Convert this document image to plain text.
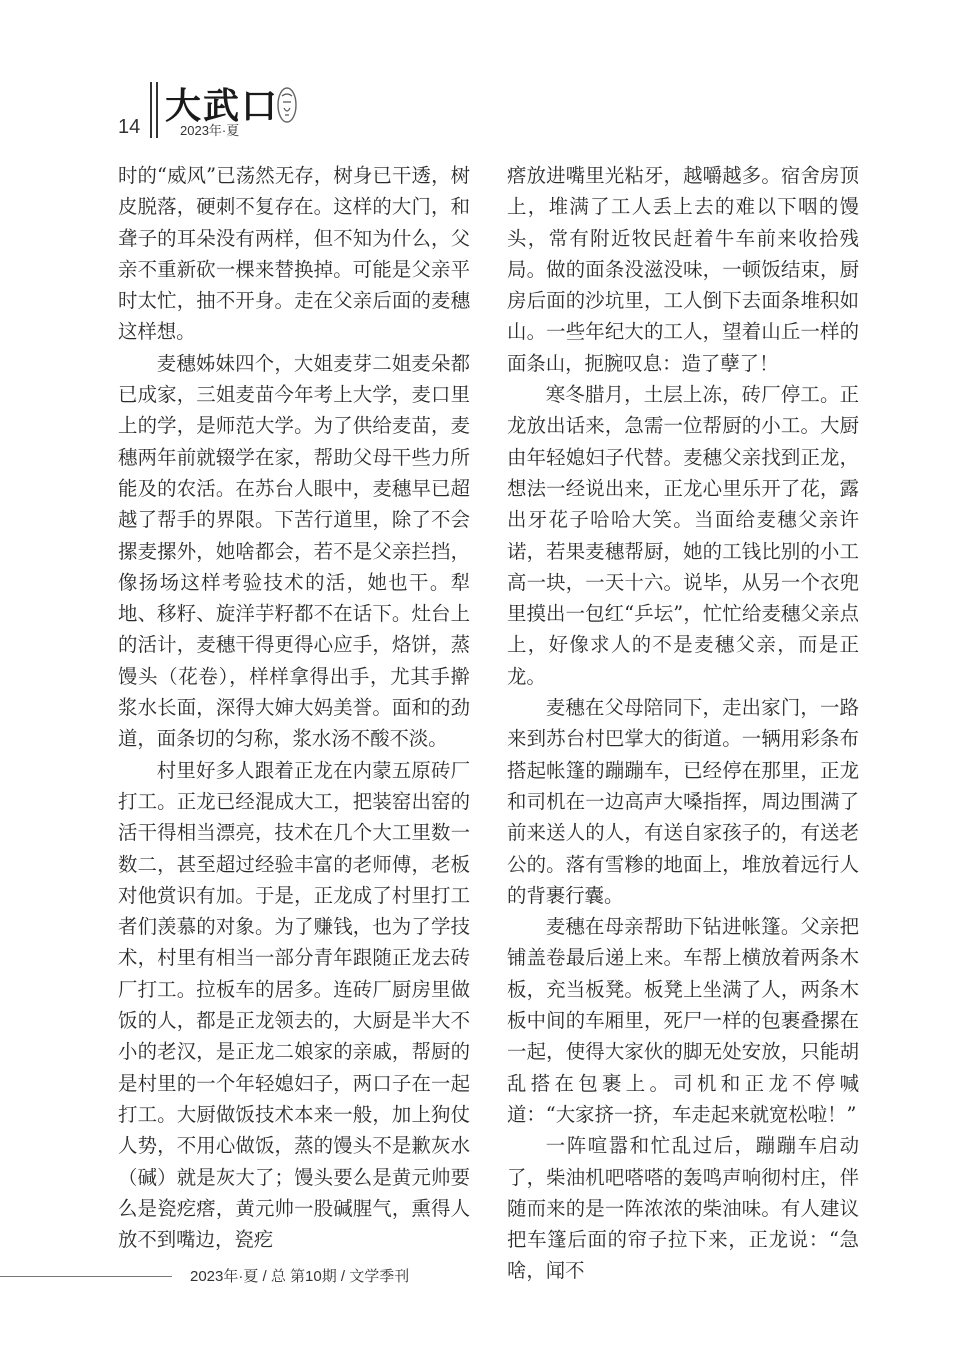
14 大武口
2023年·夏

时的“威风”已荡然无存，树身已干透，树皮脱落，硬刺不复存在。这样的大门，和聋子的耳朵没有两样，但不知为什么，父亲不重新砍一棵来替换掉。可能是父亲平时太忙，抽不开身。走在父亲后面的麦穗这样想。

麦穗姊妹四个，大姐麦芽二姐麦朵都已成家，三姐麦苗今年考上大学，麦口里上的学，是师范大学。为了供给麦苗，麦穗两年前就辍学在家，帮助父母干些力所能及的农活。在苏台人眼中，麦穗早已超越了帮手的界限。下苦行道里，除了不会摞麦摞外，她啥都会，若不是父亲拦挡，像扬场这样考验技术的活，她也干。犁地、移籽、旋洋芋籽都不在话下。灶台上的活计，麦穗干得更得心应手，烙饼，蒸馒头（花卷），样样拿得出手，尤其手擀浆水长面，深得大婶大妈美誉。面和的劲道，面条切的匀称，浆水汤不酸不淡。

村里好多人跟着正龙在内蒙五原砖厂打工。正龙已经混成大工，把装窑出窑的活干得相当漂亮，技术在几个大工里数一数二，甚至超过经验丰富的老师傅，老板对他赏识有加。于是，正龙成了村里打工者们羡慕的对象。为了赚钱，也为了学技术，村里有相当一部分青年跟随正龙去砖厂打工。拉板车的居多。连砖厂厨房里做饭的人，都是正龙领去的，大厨是半大不小的老汉，是正龙二娘家的亲戚，帮厨的是村里的一个年轻媳妇子，两口子在一起打工。大厨做饭技术本来一般，加上狗仗人势，不用心做饭，蒸的馒头不是歉灰水（碱）就是灰大了；馒头要么是黄元帅要么是瓷疙瘩，黄元帅一股碱腥气，熏得人放不到嘴边，瓷疙

瘩放进嘴里光粘牙，越嚼越多。宿舍房顶上，堆满了工人丢上去的难以下咽的馒头，常有附近牧民赶着牛车前来收拾残局。做的面条没滋没味，一顿饭结束，厨房后面的沙坑里，工人倒下去面条堆积如山。一些年纪大的工人，望着山丘一样的面条山，扼腕叹息：造了孽了！

寒冬腊月，土层上冻，砖厂停工。正龙放出话来，急需一位帮厨的小工。大厨由年轻媳妇子代替。麦穗父亲找到正龙，想法一经说出来，正龙心里乐开了花，露出牙花子哈哈大笑。当面给麦穗父亲许诺，若果麦穗帮厨，她的工钱比别的小工高一块，一天十六。说毕，从另一个衣兜里摸出一包红“乒坛”，忙忙给麦穗父亲点上，好像求人的不是麦穗父亲，而是正龙。

麦穗在父母陪同下，走出家门，一路来到苏台村巴掌大的街道。一辆用彩条布搭起帐篷的蹦蹦车，已经停在那里，正龙和司机在一边高声大嗓指挥，周边围满了前来送人的人，有送自家孩子的，有送老公的。落有雪糁的地面上，堆放着远行人的背裹行囊。

麦穗在母亲帮助下钻进帐篷。父亲把铺盖卷最后递上来。车帮上横放着两条木板，充当板凳。板凳上坐满了人，两条木板中间的车厢里，死尸一样的包裹叠摞在一起，使得大家伙的脚无处安放，只能胡乱搭在包裹上。司机和正龙不停喊道：“大家挤一挤，车走起来就宽松啦！”

一阵喧嚣和忙乱过后，蹦蹦车启动了，柴油机吧嗒嗒的轰鸣声响彻村庄，伴随而来的是一阵浓浓的柴油味。有人建议把车篷后面的帘子拉下来，正龙说：“急啥，闻不

2023年·夏 / 总 第10期 / 文学季刊
